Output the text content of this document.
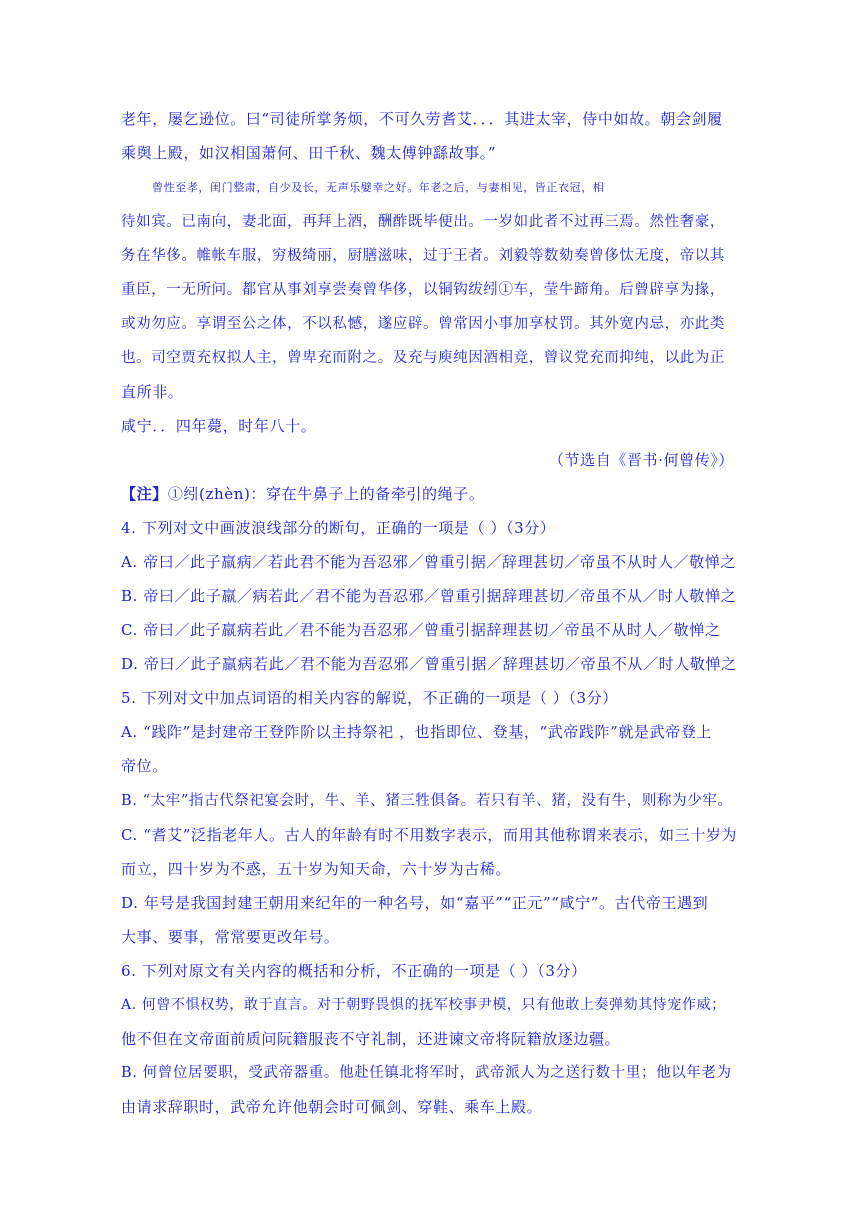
老年，屡乞逊位。曰“司徒所掌务烦，不可久劳耆艾．．．其进太宰，侍中如故。朝会剑履
乘舆上殿，如汉相国萧何、田千秋、魏太傅钟繇故事。”
曾性至孝，闺门整肃，自少及长，无声乐嬖幸之好。年老之后，与妻相见，皆正衣冠，相
待如宾。已南向，妻北面，再拜上酒，酬酢既毕便出。一岁如此者不过再三焉。然性奢豪，
务在华侈。帷帐车服，穷极绮丽，厨膳滋味，过于王者。刘毅等数劾奏曾侈忲无度，帝以其
重臣，一无所问。都官从事刘享尝奏曾华侈，以铜钩绂纼①车，莹牛蹄角。后曾辟享为掾，
或劝勿应。享谓至公之体，不以私憾，遂应辟。曾常因小事加享杖罚。其外宽内忌，亦此类
也。司空贾充权拟人主，曾卑充而附之。及充与庾纯因酒相竞，曾议党充而抑纯，以此为正
直所非。
咸宁．．四年薨，时年八十。
（节选自《晋书·何曾传》）
【注】①纼(zhèn)：穿在牛鼻子上的备牵引的绳子。
4. 下列对文中画波浪线部分的断句，正确的一项是（ ）（3分）
A. 帝曰／此子羸病／若此君不能为吾忍邪／曾重引据／辞理甚切／帝虽不从时人／敬惮之
B. 帝曰／此子羸／病若此／君不能为吾忍邪／曾重引据辞理甚切／帝虽不从／时人敬惮之
C. 帝曰／此子羸病若此／君不能为吾忍邪／曾重引据辞理甚切／帝虽不从时人／敬惮之
D. 帝曰／此子羸病若此／君不能为吾忍邪／曾重引据／辞理甚切／帝虽不从／时人敬惮之
5. 下列对文中加点词语的相关内容的解说，不正确的一项是（ ）（3分）
A. “践阼”是封建帝王登阼阶以主持祭祀 ，也指即位、登基，“武帝践阼”就是武帝登上
帝位。
B. “太牢”指古代祭祀宴会时，牛、羊、猪三牲俱备。若只有羊、猪，没有牛，则称为少牢。
C. “耆艾”泛指老年人。古人的年龄有时不用数字表示，而用其他称谓来表示，如三十岁为
而立，四十岁为不惑，五十岁为知天命，六十岁为古稀。
D. 年号是我国封建王朝用来纪年的一种名号，如“嘉平”“正元”“咸宁”。古代帝王遇到
大事、要事，常常要更改年号。
6. 下列对原文有关内容的概括和分析，不正确的一项是（ ）（3分）
A. 何曾不惧权势，敢于直言。对于朝野畏惧的抚军校事尹模，只有他敢上奏弹劾其恃宠作威；
他不但在文帝面前质问阮籍服丧不守礼制，还进谏文帝将阮籍放逐边疆。
B. 何曾位居要职，受武帝器重。他赴任镇北将军时，武帝派人为之送行数十里；他以年老为
由请求辞职时，武帝允许他朝会时可佩剑、穿鞋、乘车上殿。
